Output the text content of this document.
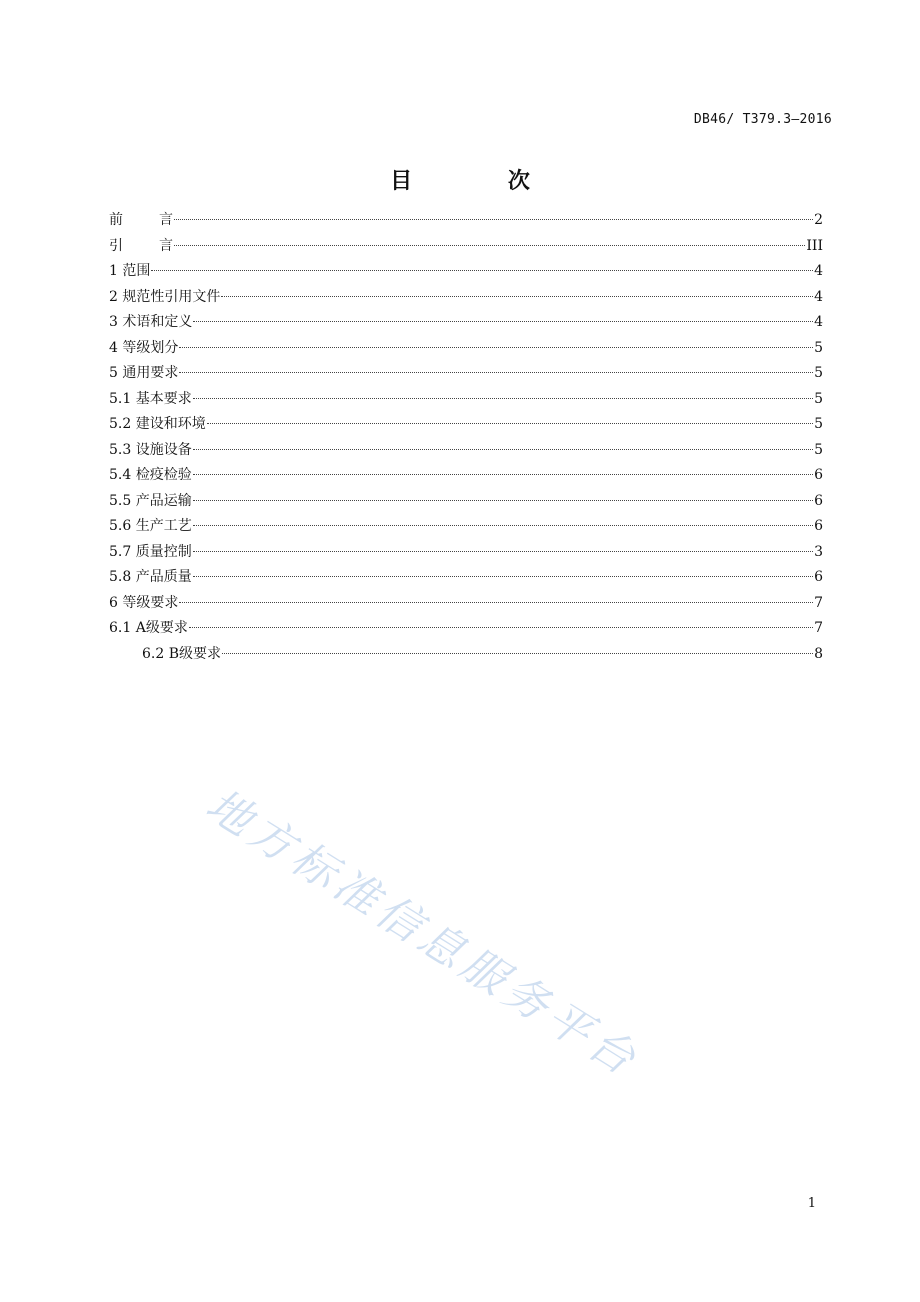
DB46/ T379.3—2016
目 次
前言	2
引言	III
1 范围	4
2 规范性引用文件	4
3 术语和定义	4
4 等级划分	5
5 通用要求	5
5.1 基本要求	5
5.2 建设和环境	5
5.3 设施设备	5
5.4 检疫检验	6
5.5 产品运输	6
5.6 生产工艺	6
5.7 质量控制	3
5.8 产品质量	6
6 等级要求	7
6.1 A级要求	7
6.2 B级要求	8
地方标准信息服务平台
1
